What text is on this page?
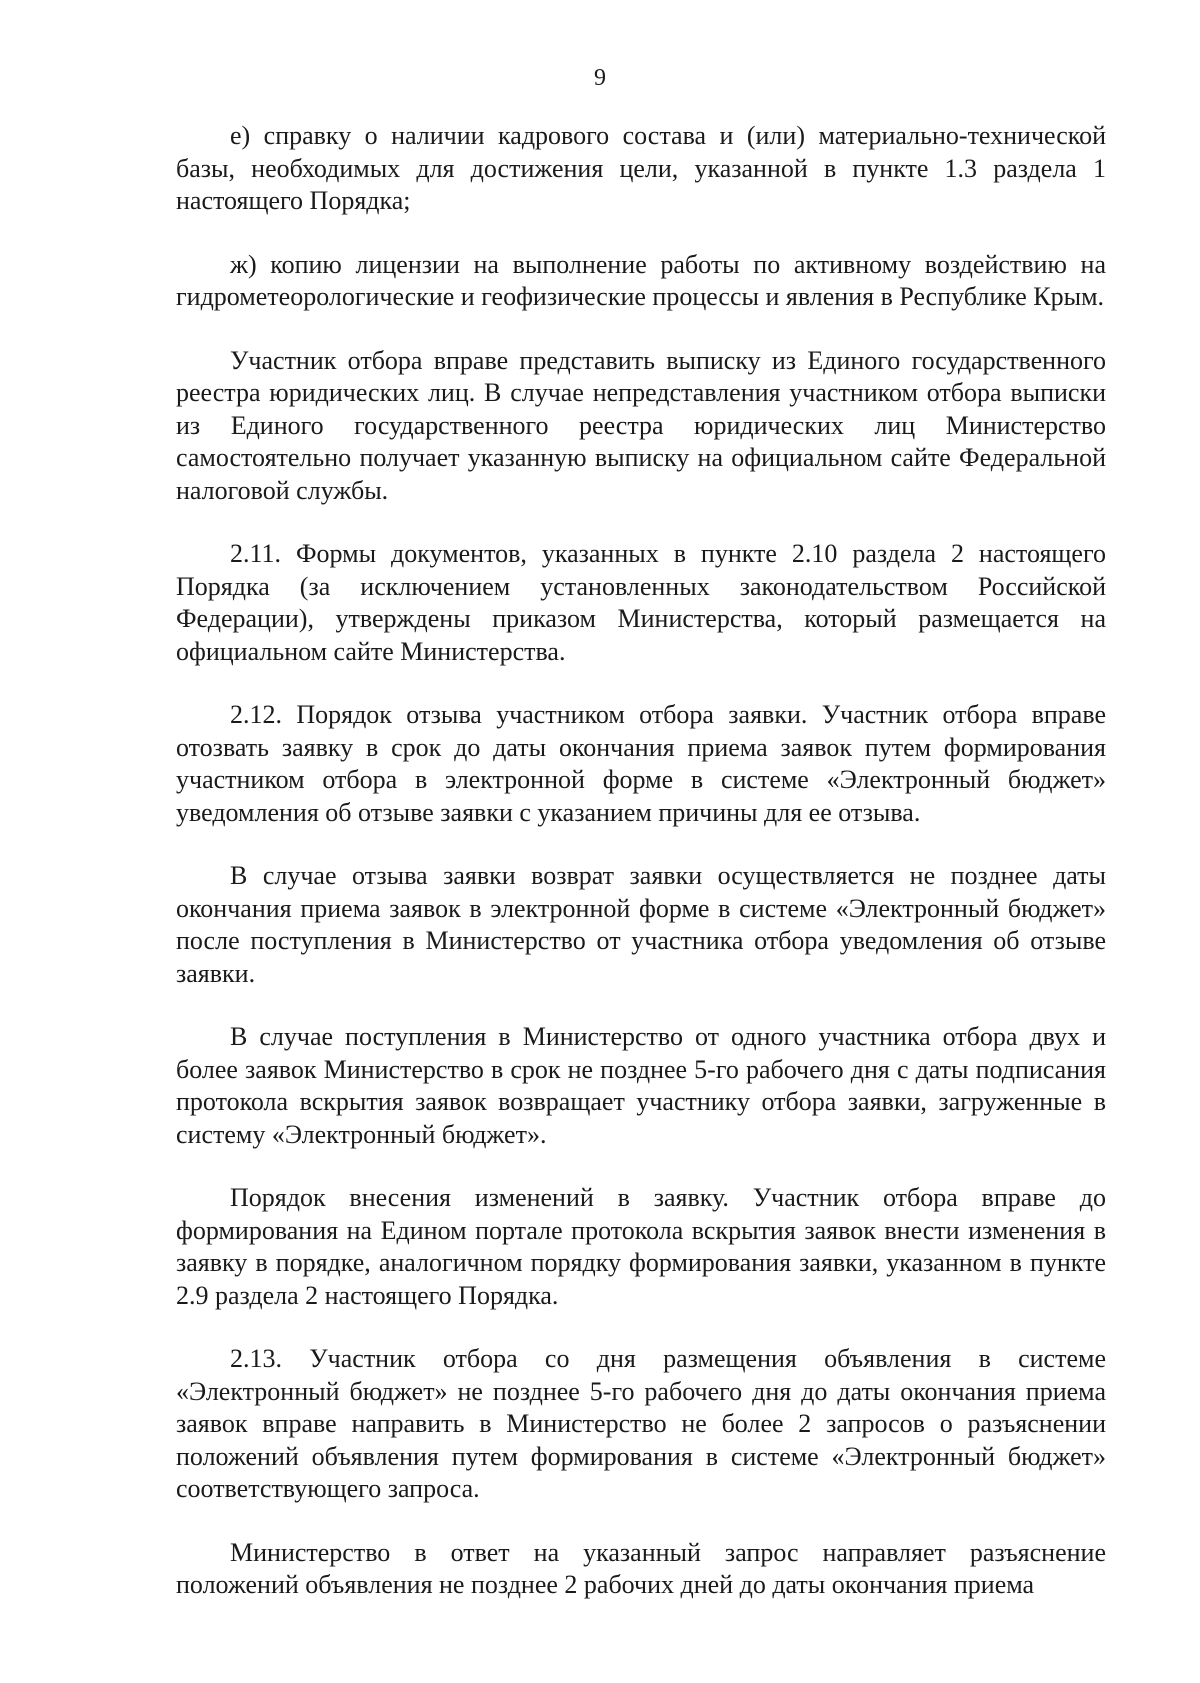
9

е) справку о наличии кадрового состава и (или) материально-технической базы, необходимых для достижения цели, указанной в пункте 1.3 раздела 1 настоящего Порядка;

ж) копию лицензии на выполнение работы по активному воздействию на гидрометеорологические и геофизические процессы и явления в Республике Крым.

Участник отбора вправе представить выписку из Единого государственного реестра юридических лиц. В случае непредставления участником отбора выписки из Единого государственного реестра юридических лиц Министерство самостоятельно получает указанную выписку на официальном сайте Федеральной налоговой службы.

2.11. Формы документов, указанных в пункте 2.10 раздела 2 настоящего Порядка (за исключением установленных законодательством Российской Федерации), утверждены приказом Министерства, который размещается на официальном сайте Министерства.

2.12. Порядок отзыва участником отбора заявки. Участник отбора вправе отозвать заявку в срок до даты окончания приема заявок путем формирования участником отбора в электронной форме в системе «Электронный бюджет» уведомления об отзыве заявки с указанием причины для ее отзыва.

В случае отзыва заявки возврат заявки осуществляется не позднее даты окончания приема заявок в электронной форме в системе «Электронный бюджет» после поступления в Министерство от участника отбора уведомления об отзыве заявки.

В случае поступления в Министерство от одного участника отбора двух и более заявок Министерство в срок не позднее 5-го рабочего дня с даты подписания протокола вскрытия заявок возвращает участнику отбора заявки, загруженные в систему «Электронный бюджет».

Порядок внесения изменений в заявку. Участник отбора вправе до формирования на Едином портале протокола вскрытия заявок внести изменения в заявку в порядке, аналогичном порядку формирования заявки, указанном в пункте 2.9 раздела 2 настоящего Порядка.

2.13. Участник отбора со дня размещения объявления в системе «Электронный бюджет» не позднее 5-го рабочего дня до даты окончания приема заявок вправе направить в Министерство не более 2 запросов о разъяснении положений объявления путем формирования в системе «Электронный бюджет» соответствующего запроса.

Министерство в ответ на указанный запрос направляет разъяснение положений объявления не позднее 2 рабочих дней до даты окончания приема
